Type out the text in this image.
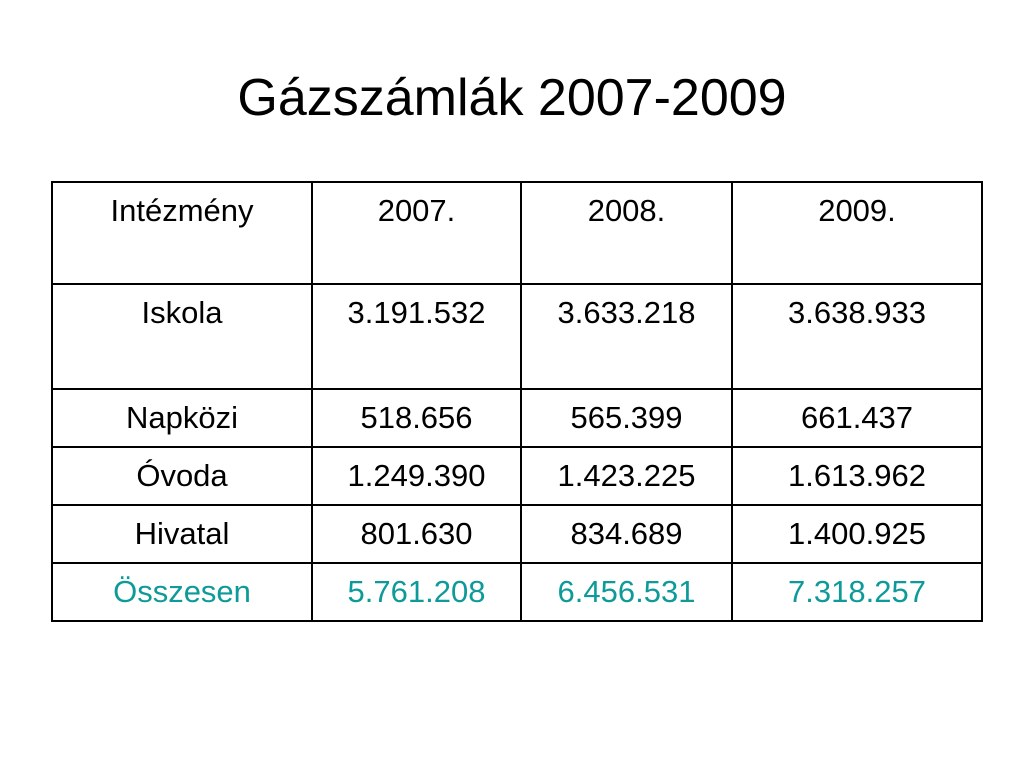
Gázszámlák 2007-2009
Intézmény	2007.	2008.	2009.
Iskola	3.191.532	3.633.218	3.638.933
Napközi	518.656	565.399	661.437
Óvoda	1.249.390	1.423.225	1.613.962
Hivatal	801.630	834.689	1.400.925
Összesen	5.761.208	6.456.531	7.318.257
